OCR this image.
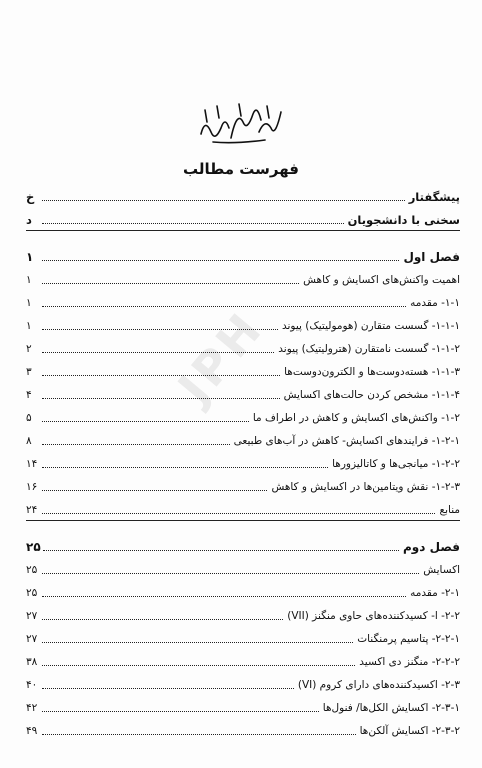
JPH
فهرست مطالب
پیشگفتار
خ
سخنی با دانشجویان
د
فصل اول
۱
اهمیت واکنش‌های اکسایش و کاهش
۱
۱-۱- مقدمه
۱
۱-۱-۱- گسست متقارن (هومولیتیک) پیوند
۱
۱-۱-۲- گسست نامتقارن (هترولیتیک) پیوند
۲
۱-۱-۳- هسته‌دوست‌ها و الکترون‌دوست‌ها
۳
۱-۱-۴- مشخص کردن حالت‌های اکسایش
۴
۱-۲- واکنش‌های اکسایش و کاهش در اطراف ما
۵
۱-۲-۱- فرایندهای اکسایش- کاهش در آب‌های طبیعی
۸
۱-۲-۲- میانجی‌ها و کاتالیزورها
۱۴
۱-۲-۳- نقش ویتامین‌ها در اکسایش و کاهش
۱۶
منابع
۲۴
فصل دوم
۲۵
اکسایش
۲۵
۲-۱- مقدمه
۲۵
۲-۲- ا- کسیدکننده‌های حاوی منگنز (VII)
۲۷
۲-۲-۱- پتاسیم پرمنگنات
۲۷
۲-۲-۲- منگنز دی اکسید
۳۸
۲-۳- اکسیدکننده‌های دارای کروم (VI)
۴۰
۲-۳-۱- اکسایش الکل‌ها/ فنول‌ها
۴۲
۲-۳-۲- اکسایش آلکن‌ها
۴۹
